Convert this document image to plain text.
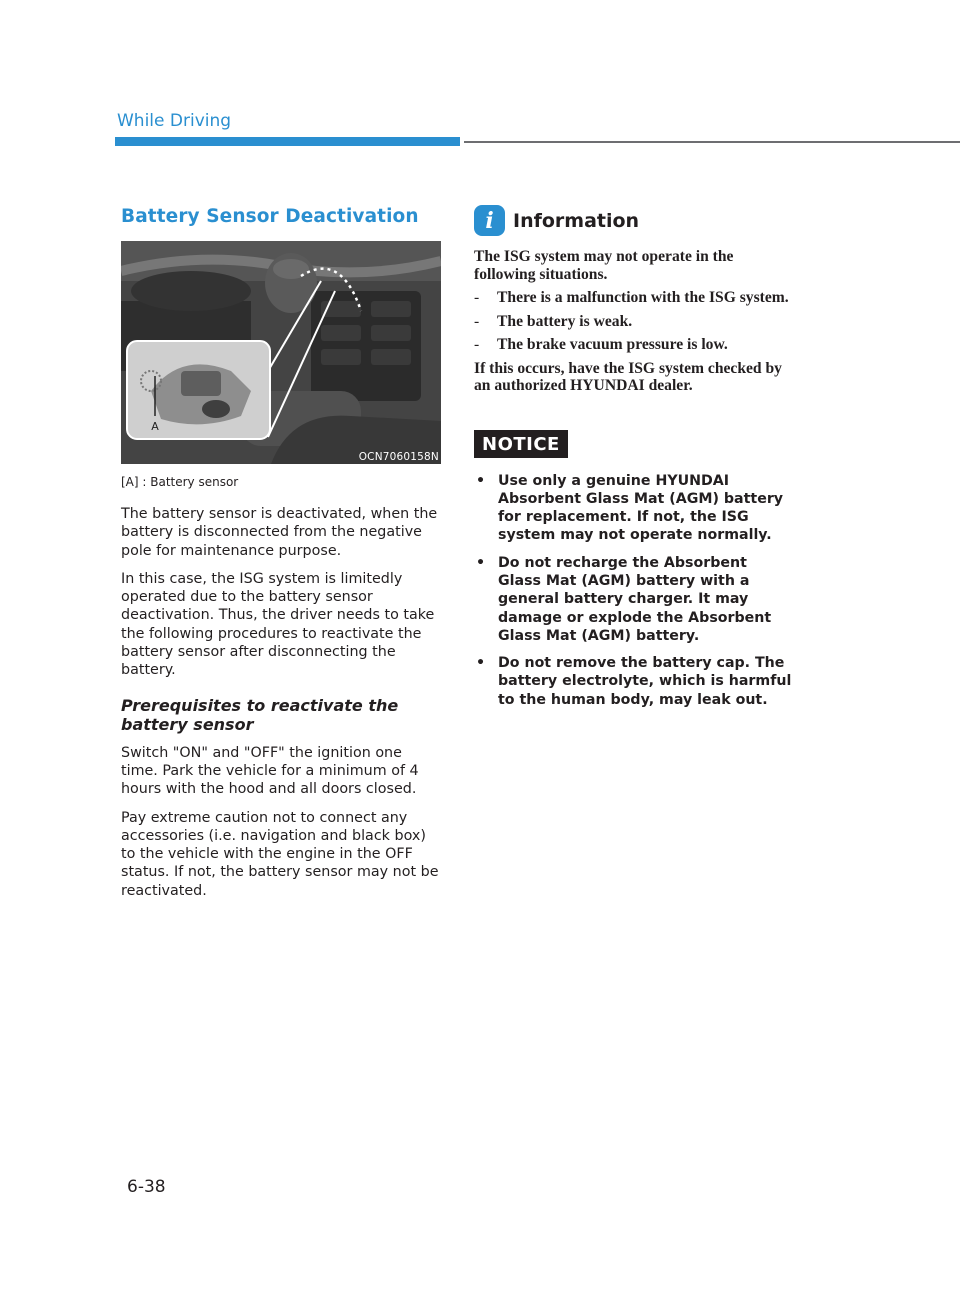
While Driving
Battery Sensor Deactivation
A
OCN7060158N

[A] : Battery sensor

The battery sensor is deactivated, when the battery is disconnected from the negative pole for maintenance purpose.

In this case, the ISG system is limitedly operated due to the battery sensor deactivation. Thus, the driver needs to take the following procedures to reactivate the battery sensor after disconnecting the battery.

Prerequisites to reactivate the battery sensor

Switch "ON" and "OFF" the ignition one time. Park the vehicle for a minimum of 4 hours with the hood and all doors closed.

Pay extreme caution not to connect any accessories (i.e. navigation and black box) to the vehicle with the engine in the OFF status. If not, the battery sensor may not be reactivated.

i	Information

The ISG system may not operate in the following situations.

-	There is a malfunction with the ISG system.
-	The battery is weak.
-	The brake vacuum pressure is low.

If this occurs, have the ISG system checked by an authorized HYUNDAI dealer.

NOTICE
• Use only a genuine HYUNDAI Absorbent Glass Mat (AGM) battery for replacement. If not, the ISG system may not operate normally.
• Do not recharge the Absorbent Glass Mat (AGM) battery with a general battery charger. It may damage or explode the Absorbent Glass Mat (AGM) battery.
• Do not remove the battery cap. The battery electrolyte, which is harmful to the human body, may leak out.
6-38
